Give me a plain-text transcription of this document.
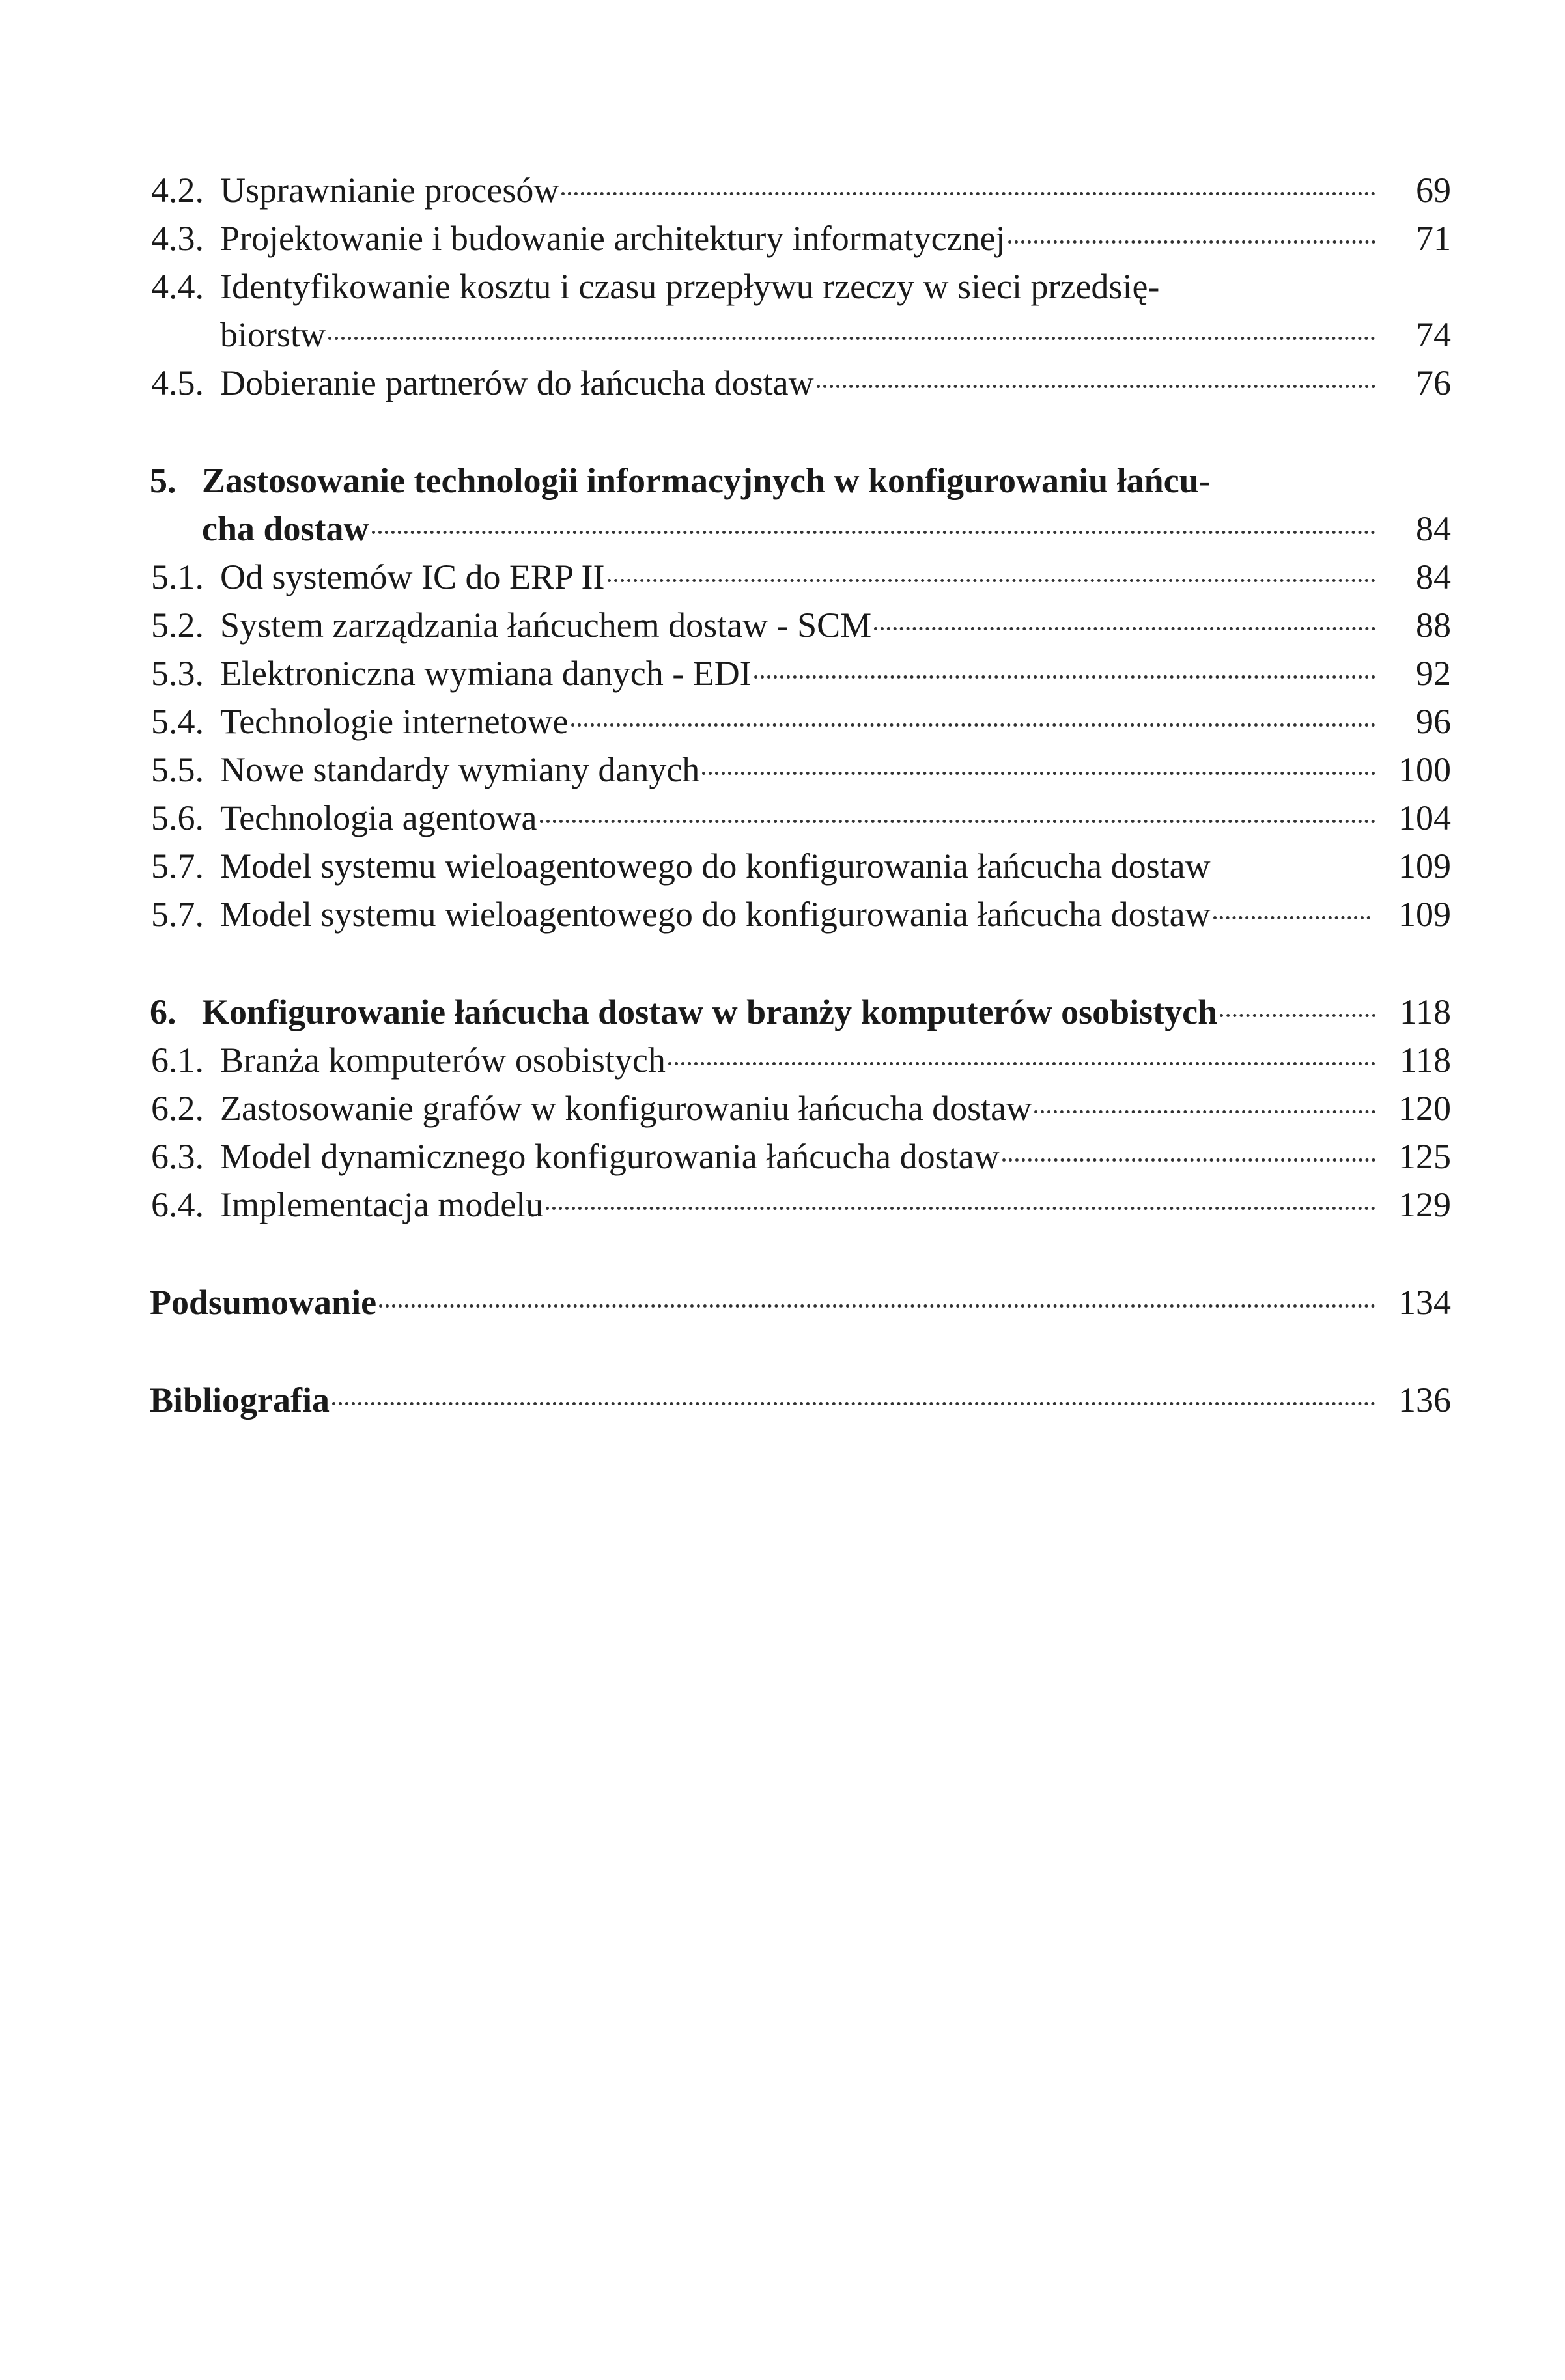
4.2. Usprawnianie procesów	69
4.3. Projektowanie i budowanie architektury informatycznej	71
4.4. Identyfikowanie kosztu i czasu przepływu rzeczy w sieci przedsię-
biorstw	74
4.5. Dobieranie partnerów do łańcucha dostaw	76
5. Zastosowanie technologii informacyjnych w konfigurowaniu łańcu-
cha dostaw	84
5.1. Od systemów IC do ERP II	84
5.2. System zarządzania łańcuchem dostaw - SCM	88
5.3. Elektroniczna wymiana danych - EDI	92
5.4. Technologie internetowe	96
5.5. Nowe standardy wymiany danych	100
5.6. Technologia agentowa	104
5.7. Model systemu wieloagentowego do konfigurowania łańcucha dostaw	109
5.7. Model systemu wieloagentowego do konfigurowania łańcucha dostaw	109
6. Konfigurowanie łańcucha dostaw w branży komputerów osobistych	118
6.1. Branża komputerów osobistych	118
6.2. Zastosowanie grafów w konfigurowaniu łańcucha dostaw	120
6.3. Model dynamicznego konfigurowania łańcucha dostaw	125
6.4. Implementacja modelu	129
Podsumowanie	134
Bibliografia	136
